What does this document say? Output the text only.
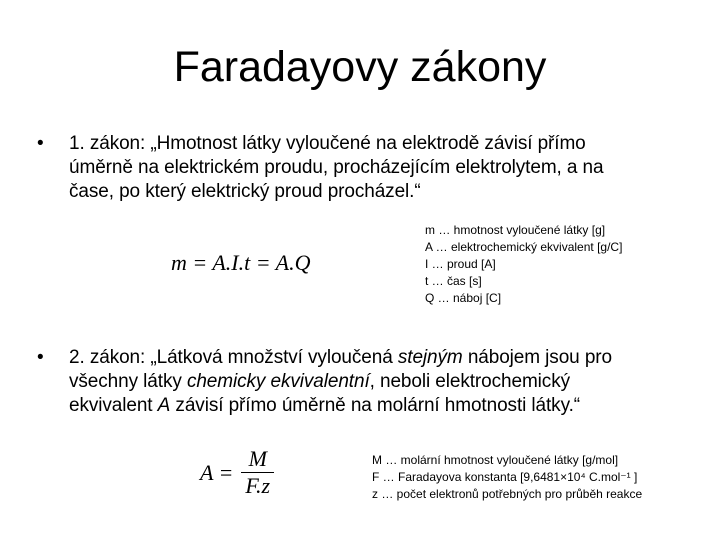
Faradayovy zákony
•	1. zákon: „Hmotnost látky vyloučené na elektrodě závisí přímo
úměrně na elektrickém proudu, procházejícím elektrolytem, a na
čase, po který elektrický proud procházel.“
m = A.I.t = A.Q
m … hmotnost vyloučené látky [g]
A … elektrochemický ekvivalent [g/C]
I … proud [A]
t … čas [s]
Q … náboj [C]
•	2. zákon: „Látková množství vyloučená stejným nábojem jsou pro
všechny látky chemicky ekvivalentní, neboli elektrochemický
ekvivalent A závisí přímo úměrně na molární hmotnosti látky.“
$A = \frac{M}{F.z}$	M … molární hmotnost vyloučené látky [g/mol]
F … Faradayova konstanta [9,6481×10⁴ C.mol⁻¹ ]
z … počet elektronů potřebných pro průběh reakce
